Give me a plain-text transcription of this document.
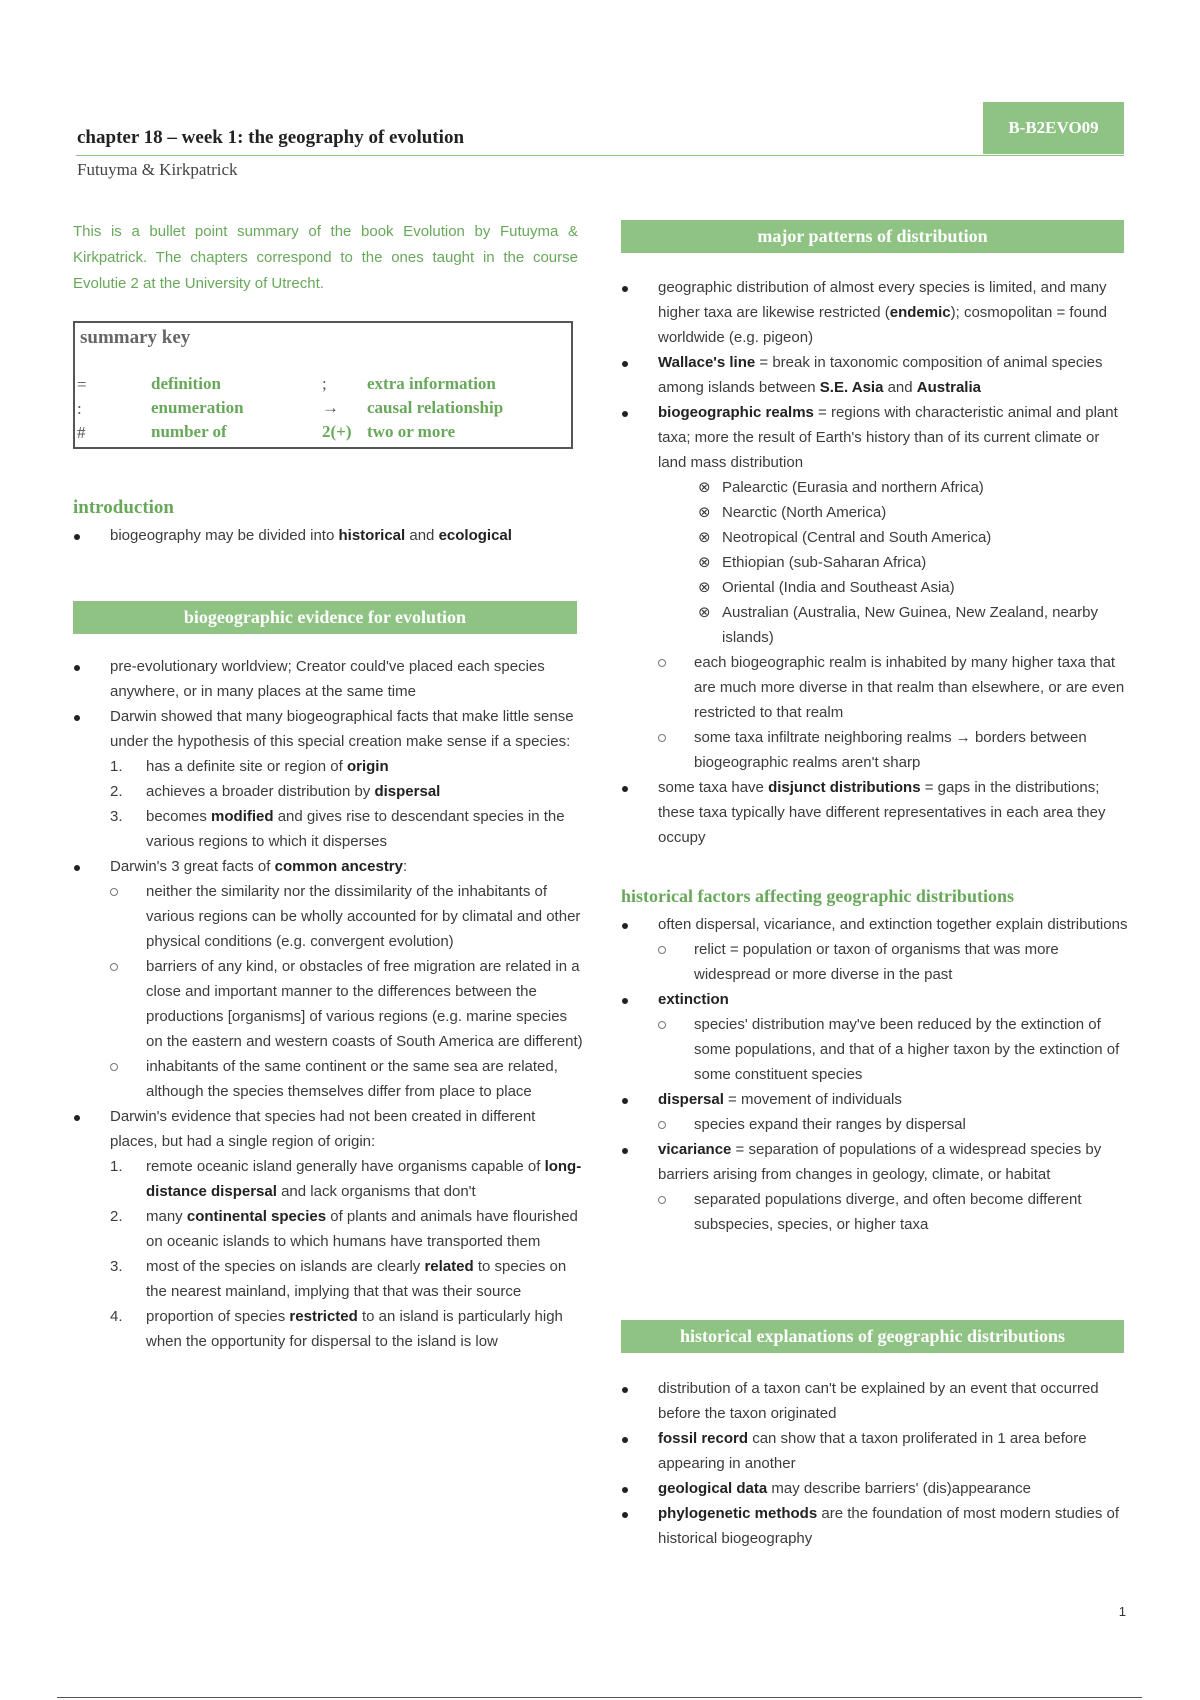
B-B2EVO09
chapter 18 – week 1: the geography of evolution
Futuyma & Kirkpatrick
This is a bullet point summary of the book Evolution by Futuyma & Kirkpatrick. The chapters correspond to the ones taught in the course Evolutie 2 at the University of Utrecht.
summary key
=	definition	; extra information
:	enumeration	→ causal relationship
#	number of	2(+) two or more
introduction
biogeography may be divided into historical and ecological
biogeographic evidence for evolution
pre-evolutionary worldview; Creator could've placed each species anywhere, or in many places at the same time
Darwin showed that many biogeographical facts that make little sense under the hypothesis of this special creation make sense if a species:
1. has a definite site or region of origin
2. achieves a broader distribution by dispersal
3. becomes modified and gives rise to descendant species in the various regions to which it disperses
Darwin's 3 great facts of common ancestry:
neither the similarity nor the dissimilarity of the inhabitants of various regions can be wholly accounted for by climatal and other physical conditions (e.g. convergent evolution)
barriers of any kind, or obstacles of free migration are related in a close and important manner to the differences between the productions [organisms] of various regions (e.g. marine species on the eastern and western coasts of South America are different)
inhabitants of the same continent or the same sea are related, although the species themselves differ from place to place
Darwin's evidence that species had not been created in different places, but had a single region of origin:
1. remote oceanic island generally have organisms capable of long-distance dispersal and lack organisms that don't
2. many continental species of plants and animals have flourished on oceanic islands to which humans have transported them
3. most of the species on islands are clearly related to species on the nearest mainland, implying that that was their source
4. proportion of species restricted to an island is particularly high when the opportunity for dispersal to the island is low
major patterns of distribution
geographic distribution of almost every species is limited, and many higher taxa are likewise restricted (endemic); cosmopolitan = found worldwide (e.g. pigeon)
Wallace's line = break in taxonomic composition of animal species among islands between S.E. Asia and Australia
biogeographic realms = regions with characteristic animal and plant taxa; more the result of Earth's history than of its current climate or land mass distribution
⊗ Palearctic (Eurasia and northern Africa)
⊗ Nearctic (North America)
⊗ Neotropical (Central and South America)
⊗ Ethiopian (sub-Saharan Africa)
⊗ Oriental (India and Southeast Asia)
⊗ Australian (Australia, New Guinea, New Zealand, nearby islands)
each biogeographic realm is inhabited by many higher taxa that are much more diverse in that realm than elsewhere, or are even restricted to that realm
some taxa infiltrate neighboring realms → borders between biogeographic realms aren't sharp
some taxa have disjunct distributions = gaps in the distributions; these taxa typically have different representatives in each area they occupy
historical factors affecting geographic distributions
often dispersal, vicariance, and extinction together explain distributions
relict = population or taxon of organisms that was more widespread or more diverse in the past
extinction
species' distribution may've been reduced by the extinction of some populations, and that of a higher taxon by the extinction of some constituent species
dispersal = movement of individuals
species expand their ranges by dispersal
vicariance = separation of populations of a widespread species by barriers arising from changes in geology, climate, or habitat
separated populations diverge, and often become different subspecies, species, or higher taxa
historical explanations of geographic distributions
distribution of a taxon can't be explained by an event that occurred before the taxon originated
fossil record can show that a taxon proliferated in 1 area before appearing in another
geological data may describe barriers' (dis)appearance
phylogenetic methods are the foundation of most modern studies of historical biogeography
1
